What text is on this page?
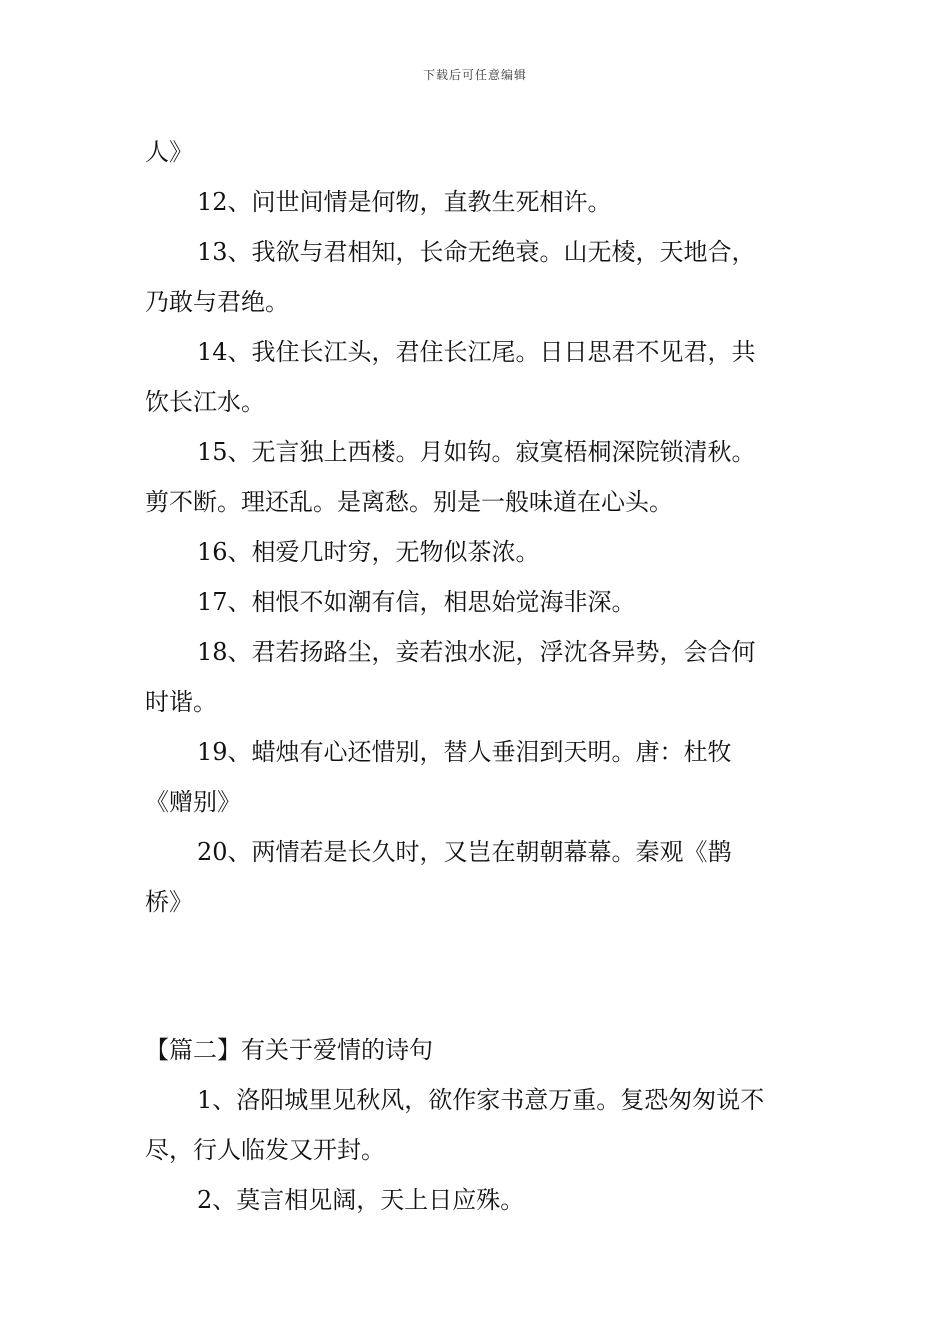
下载后可任意编辑
人》
12、问世间情是何物，直教生死相许。
13、我欲与君相知，长命无绝衰。山无棱，天地合，
乃敢与君绝。
14、我住长江头，君住长江尾。日日思君不见君，共
饮长江水。
15、无言独上西楼。月如钩。寂寞梧桐深院锁清秋。
剪不断。理还乱。是离愁。别是一般味道在心头。
16、相爱几时穷，无物似茶浓。
17、相恨不如潮有信，相思始觉海非深。
18、君若扬路尘，妾若浊水泥，浮沈各异势，会合何
时谐。
19、蜡烛有心还惜别，替人垂泪到天明。唐：杜牧
《赠别》
20、两情若是长久时，又岂在朝朝幕幕。秦观《鹊
桥》
【篇二】有关于爱情的诗句
1、洛阳城里见秋风，欲作家书意万重。复恐匆匆说不
尽，行人临发又开封。
2、莫言相见阔，天上日应殊。
